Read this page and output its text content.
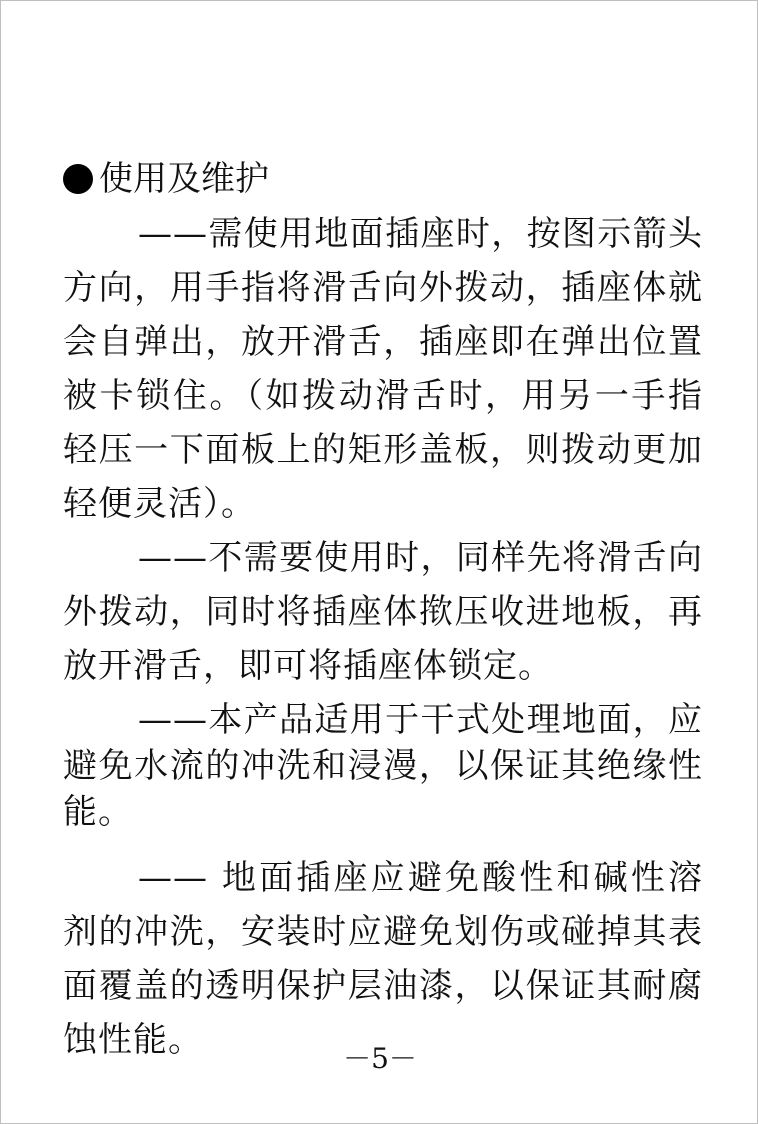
使用及维护

——需使用地面插座时，按图示箭头方向，用手指将滑舌向外拨动，插座体就会自弹出，放开滑舌，插座即在弹出位置被卡锁住。（如拨动滑舌时，用另一手指轻压一下面板上的矩形盖板，则拨动更加轻便灵活）。

——不需要使用时，同样先将滑舌向外拨动，同时将插座体揿压收进地板，再放开滑舌，即可将插座体锁定。

——本产品适用于干式处理地面，应避免水流的冲洗和浸漫，以保证其绝缘性能。

—— 地面插座应避免酸性和碱性溶剂的冲洗，安装时应避免划伤或碰掉其表面覆盖的透明保护层油漆，以保证其耐腐蚀性能。	－5－
